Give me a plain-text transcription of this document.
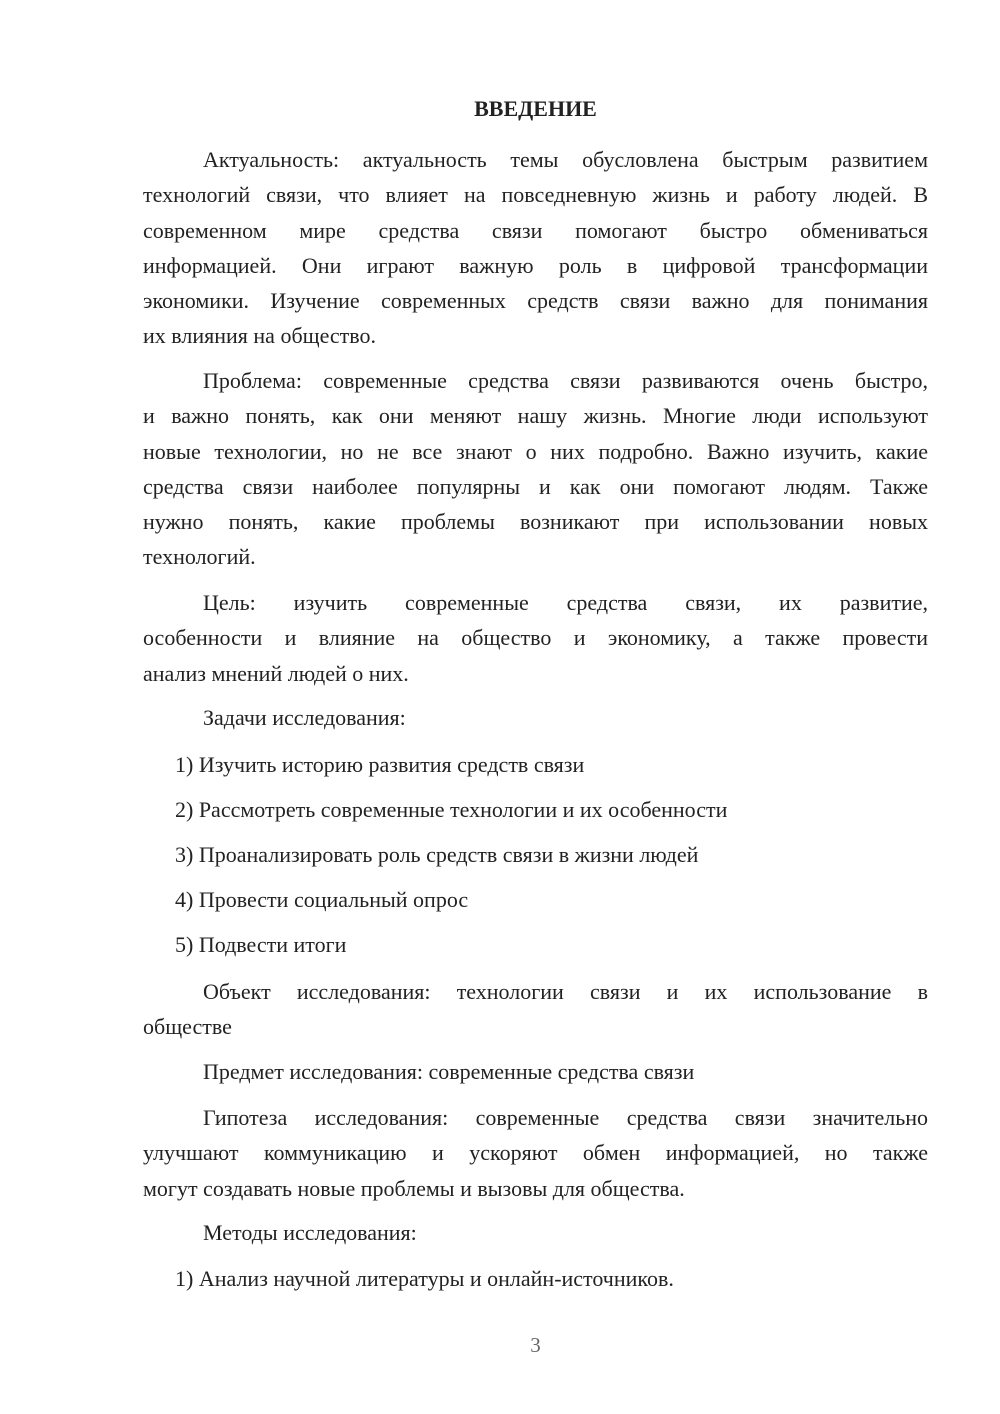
ВВЕДЕНИЕ
Актуальность: актуальность темы обусловлена быстрым развитием
технологий связи, что влияет на повседневную жизнь и работу людей. В
современном мире средства связи помогают быстро обмениваться
информацией. Они играют важную роль в цифровой трансформации
экономики. Изучение современных средств связи важно для понимания
их влияния на общество.
Проблема: современные средства связи развиваются очень быстро,
и важно понять, как они меняют нашу жизнь. Многие люди используют
новые технологии, но не все знают о них подробно. Важно изучить, какие
средства связи наиболее популярны и как они помогают людям. Также
нужно понять, какие проблемы возникают при использовании новых
технологий.
Цель: изучить современные средства связи, их развитие,
особенности и влияние на общество и экономику, а также провести
анализ мнений людей о них.
Задачи исследования:
1) Изучить историю развития средств связи
2) Рассмотреть современные технологии и их особенности
3) Проанализировать роль средств связи в жизни людей
4) Провести социальный опрос
5) Подвести итоги
Объект исследования: технологии связи и их использование в
обществе
Предмет исследования: современные средства связи
Гипотеза исследования: современные средства связи значительно
улучшают коммуникацию и ускоряют обмен информацией, но также
могут создавать новые проблемы и вызовы для общества.
Методы исследования:
1) Анализ научной литературы и онлайн-источников.
3
